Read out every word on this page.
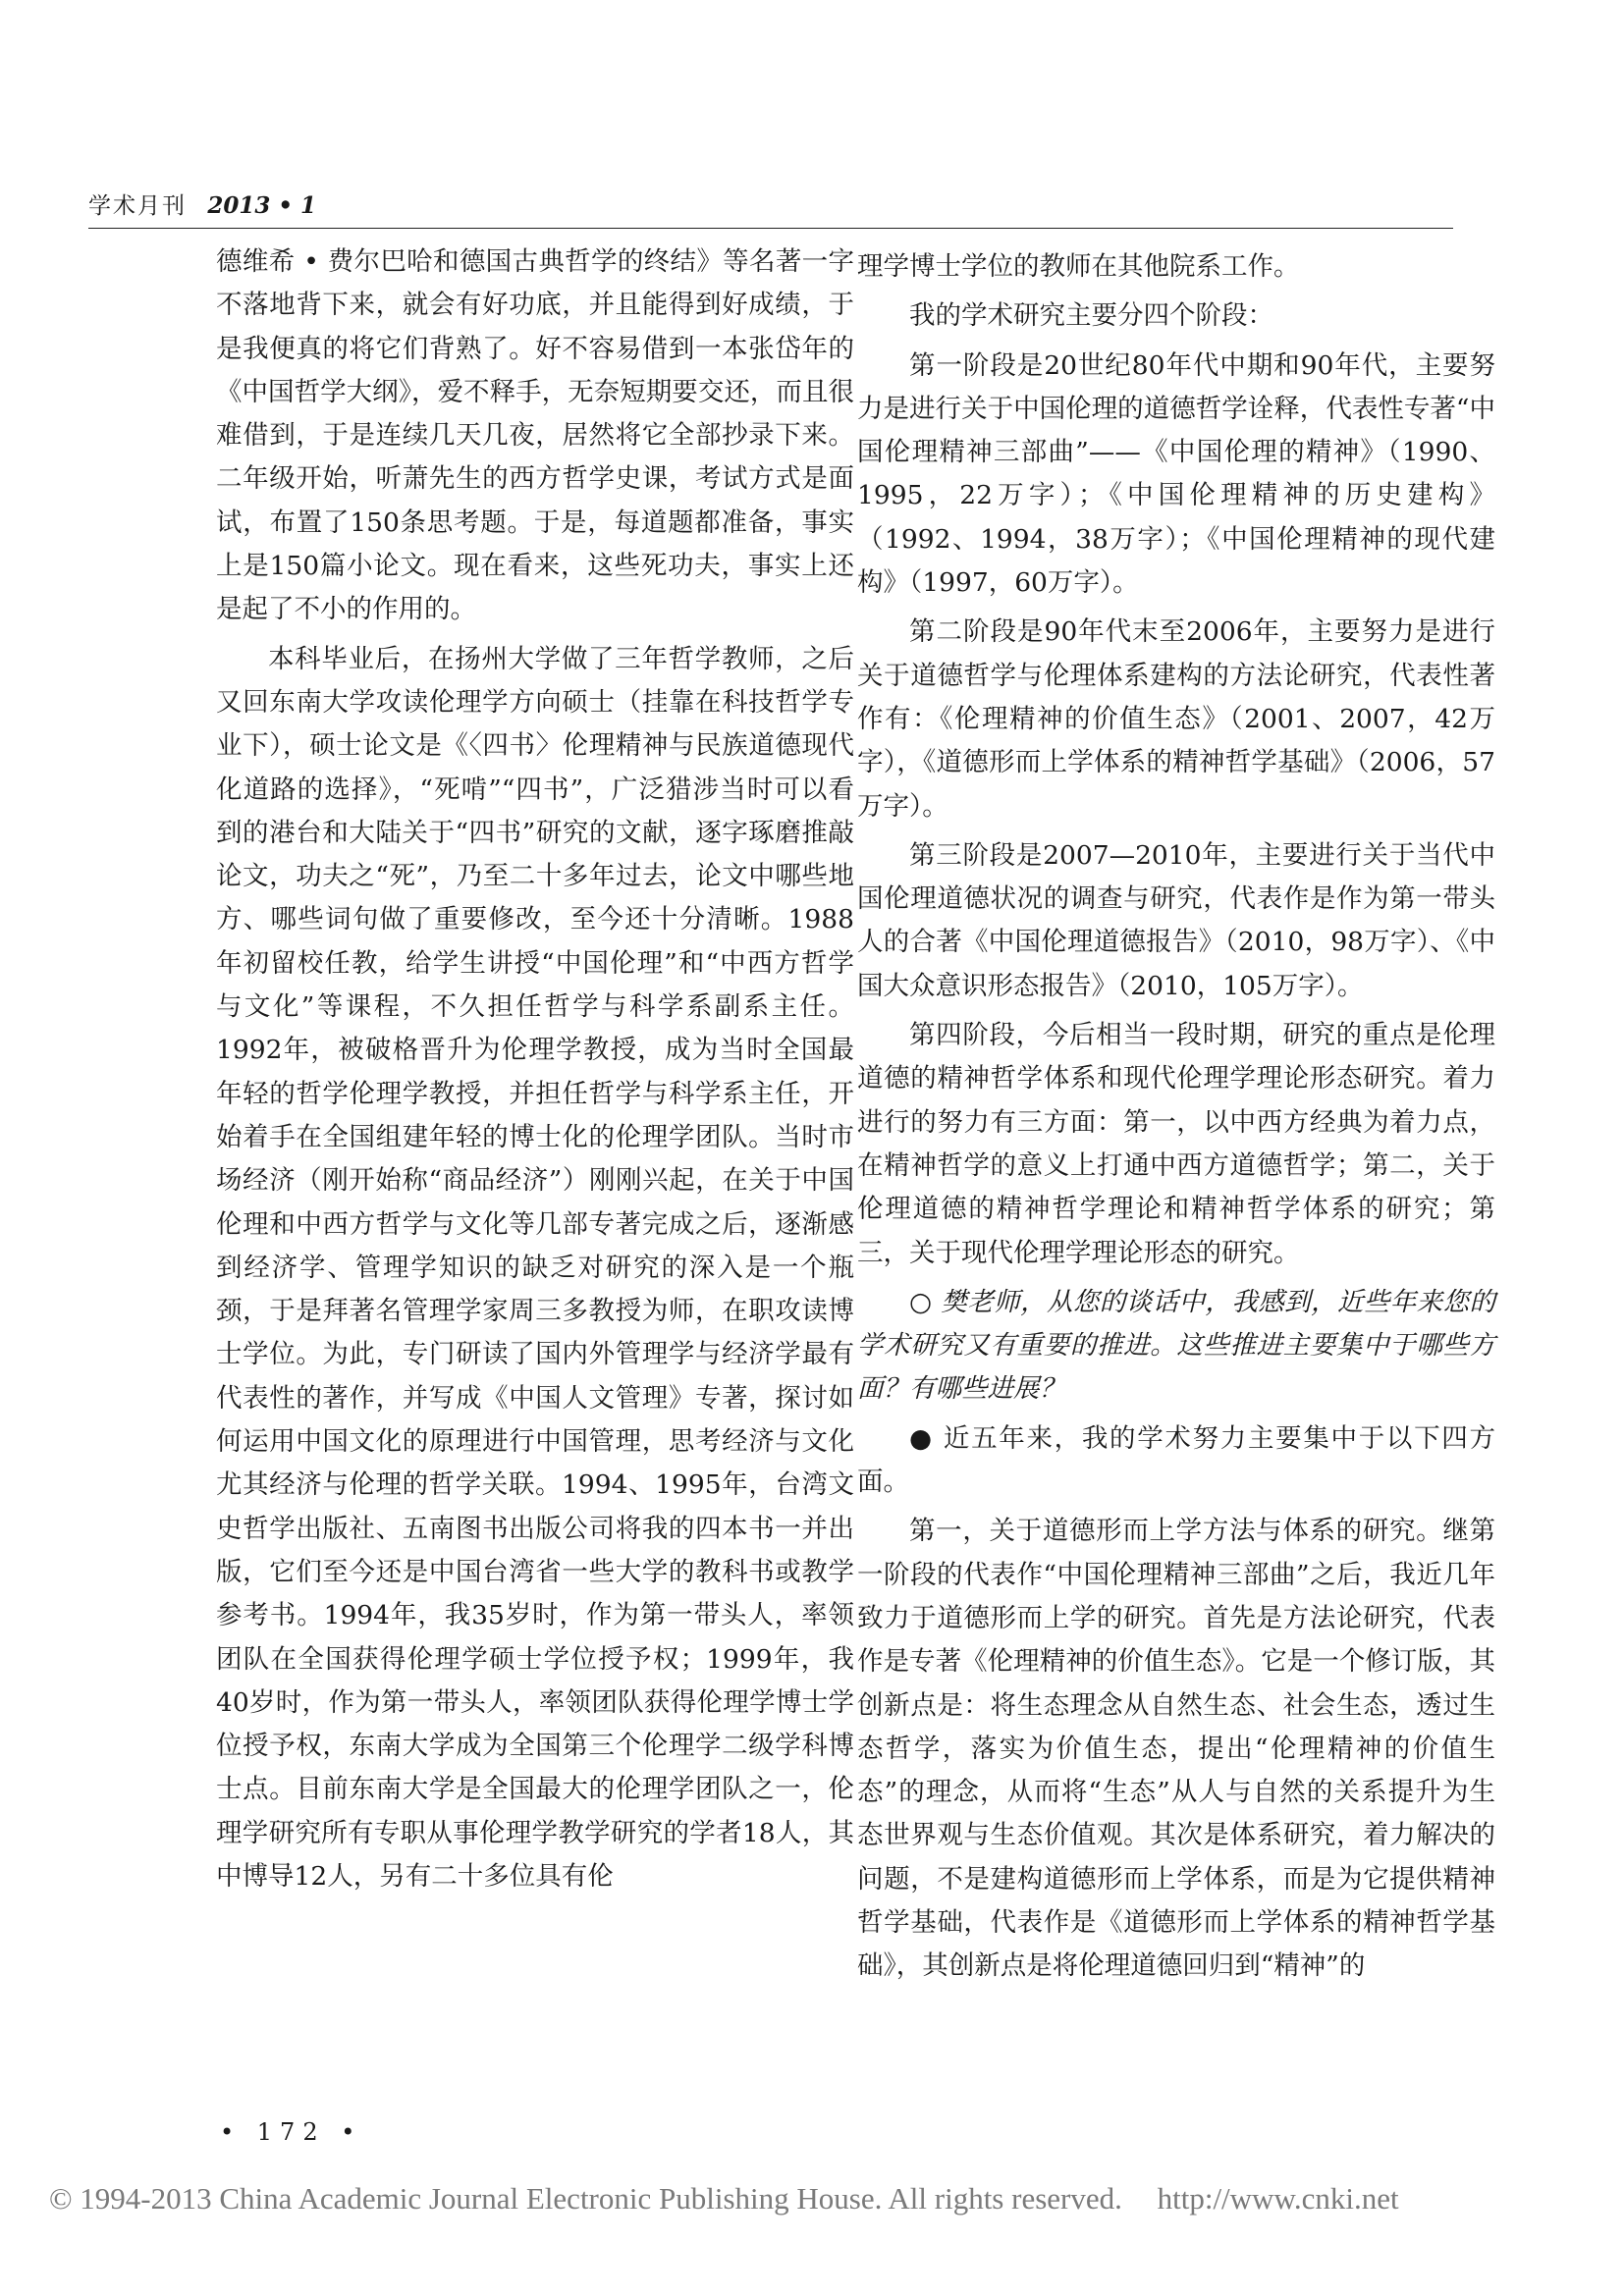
学术月刊 2013 • 1

德维希 • 费尔巴哈和德国古典哲学的终结》等名著一字不落地背下来，就会有好功底，并且能得到好成绩，于是我便真的将它们背熟了。好不容易借到一本张岱年的《中国哲学大纲》，爱不释手，无奈短期要交还，而且很难借到，于是连续几天几夜，居然将它全部抄录下来。二年级开始，听萧先生的西方哲学史课，考试方式是面试，布置了150条思考题。于是，每道题都准备，事实上是150篇小论文。现在看来，这些死功夫，事实上还是起了不小的作用的。

本科毕业后，在扬州大学做了三年哲学教师，之后又回东南大学攻读伦理学方向硕士（挂靠在科技哲学专业下），硕士论文是《〈四书〉伦理精神与民族道德现代化道路的选择》，“死啃”“四书”，广泛猎涉当时可以看到的港台和大陆关于“四书”研究的文献，逐字琢磨推敲论文，功夫之“死”，乃至二十多年过去，论文中哪些地方、哪些词句做了重要修改，至今还十分清晰。1988年初留校任教，给学生讲授“中国伦理”和“中西方哲学与文化”等课程，不久担任哲学与科学系副系主任。1992年，被破格晋升为伦理学教授，成为当时全国最年轻的哲学伦理学教授，并担任哲学与科学系主任，开始着手在全国组建年轻的博士化的伦理学团队。当时市场经济（刚开始称“商品经济”）刚刚兴起，在关于中国伦理和中西方哲学与文化等几部专著完成之后，逐渐感到经济学、管理学知识的缺乏对研究的深入是一个瓶颈，于是拜著名管理学家周三多教授为师，在职攻读博士学位。为此，专门研读了国内外管理学与经济学最有代表性的著作，并写成《中国人文管理》专著，探讨如何运用中国文化的原理进行中国管理，思考经济与文化尤其经济与伦理的哲学关联。1994、1995年，台湾文史哲学出版社、五南图书出版公司将我的四本书一并出版，它们至今还是中国台湾省一些大学的教科书或教学参考书。1994年，我35岁时，作为第一带头人，率领团队在全国获得伦理学硕士学位授予权；1999年，我40岁时，作为第一带头人，率领团队获得伦理学博士学位授予权，东南大学成为全国第三个伦理学二级学科博士点。目前东南大学是全国最大的伦理学团队之一，伦理学研究所有专职从事伦理学教学研究的学者18人，其中博导12人，另有二十多位具有伦

理学博士学位的教师在其他院系工作。

我的学术研究主要分四个阶段：

第一阶段是20世纪80年代中期和90年代，主要努力是进行关于中国伦理的道德哲学诠释，代表性专著“中国伦理精神三部曲”——《中国伦理的精神》（1990、1995，22万字）；《中国伦理精神的历史建构》（1992、1994，38万字）；《中国伦理精神的现代建构》（1997，60万字）。

第二阶段是90年代末至2006年，主要努力是进行关于道德哲学与伦理体系建构的方法论研究，代表性著作有：《伦理精神的价值生态》（2001、2007，42万字），《道德形而上学体系的精神哲学基础》（2006，57万字）。

第三阶段是2007—2010年，主要进行关于当代中国伦理道德状况的调查与研究，代表作是作为第一带头人的合著《中国伦理道德报告》（2010，98万字）、《中国大众意识形态报告》（2010，105万字）。

第四阶段，今后相当一段时期，研究的重点是伦理道德的精神哲学体系和现代伦理学理论形态研究。着力进行的努力有三方面：第一，以中西方经典为着力点，在精神哲学的意义上打通中西方道德哲学；第二，关于伦理道德的精神哲学理论和精神哲学体系的研究；第三，关于现代伦理学理论形态的研究。

○ 樊老师，从您的谈话中，我感到，近些年来您的学术研究又有重要的推进。这些推进主要集中于哪些方面？有哪些进展？

● 近五年来，我的学术努力主要集中于以下四方面。

第一，关于道德形而上学方法与体系的研究。继第一阶段的代表作“中国伦理精神三部曲”之后，我近几年致力于道德形而上学的研究。首先是方法论研究，代表作是专著《伦理精神的价值生态》。它是一个修订版，其创新点是：将生态理念从自然生态、社会生态，透过生态哲学，落实为价值生态，提出“伦理精神的价值生态”的理念，从而将“生态”从人与自然的关系提升为生态世界观与生态价值观。其次是体系研究，着力解决的问题，不是建构道德形而上学体系，而是为它提供精神哲学基础，代表作是《道德形而上学体系的精神哲学基础》，其创新点是将伦理道德回归到“精神”的

• 172 •
© 1994-2013 China Academic Journal Electronic Publishing House. All rights reserved. http://www.cnki.net
